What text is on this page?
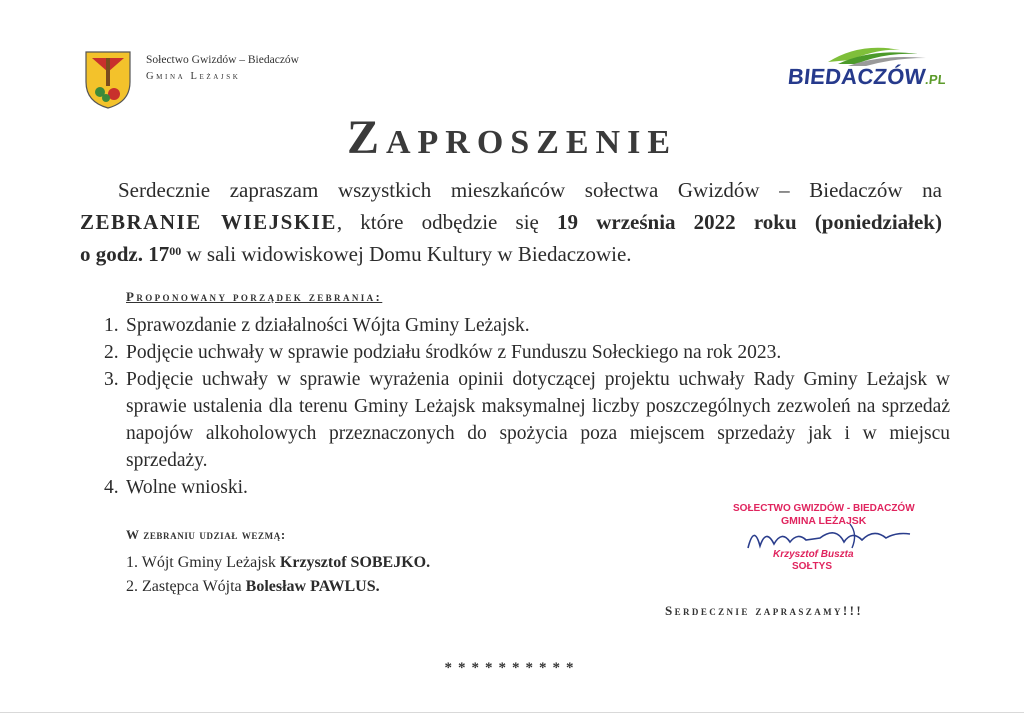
Sołectwo Gwizdów – Biedaczów
Gmina Leżajsk	BIEDACZÓW.PL
Zaproszenie
Serdecznie zapraszam wszystkich mieszkańców sołectwa Gwizdów – Biedaczów na
ZEBRANIE WIEJSKIE, które odbędzie się 19 września 2022 roku (poniedziałek)
o godz. $17^{00}$ w sali widowiskowej Domu Kultury w Biedaczowie.
Proponowany porządek zebrania:
1. Sprawozdanie z działalności Wójta Gminy Leżajsk.
2. Podjęcie uchwały w sprawie podziału środków z Funduszu Sołeckiego na rok 2023.
3. Podjęcie uchwały w sprawie wyrażenia opinii dotyczącej projektu uchwały Rady Gminy Leżajsk w sprawie ustalenia dla terenu Gminy Leżajsk maksymalnej liczby poszczególnych zezwoleń na sprzedaż napojów alkoholowych przeznaczonych do spożycia poza miejscem sprzedaży jak i w miejscu sprzedaży.
4. Wolne wnioski.
W zebraniu udział wezmą:
1. Wójt Gminy Leżajsk Krzysztof SOBEJKO.
2. Zastępca Wójta Bolesław PAWLUS.
SOŁECTWO GWIZDÓW - BIEDACZÓW
GMINA LEŻAJSK
Krzysztof Buszta
SOŁTYS
Serdecznie zapraszamy!!!
**********
